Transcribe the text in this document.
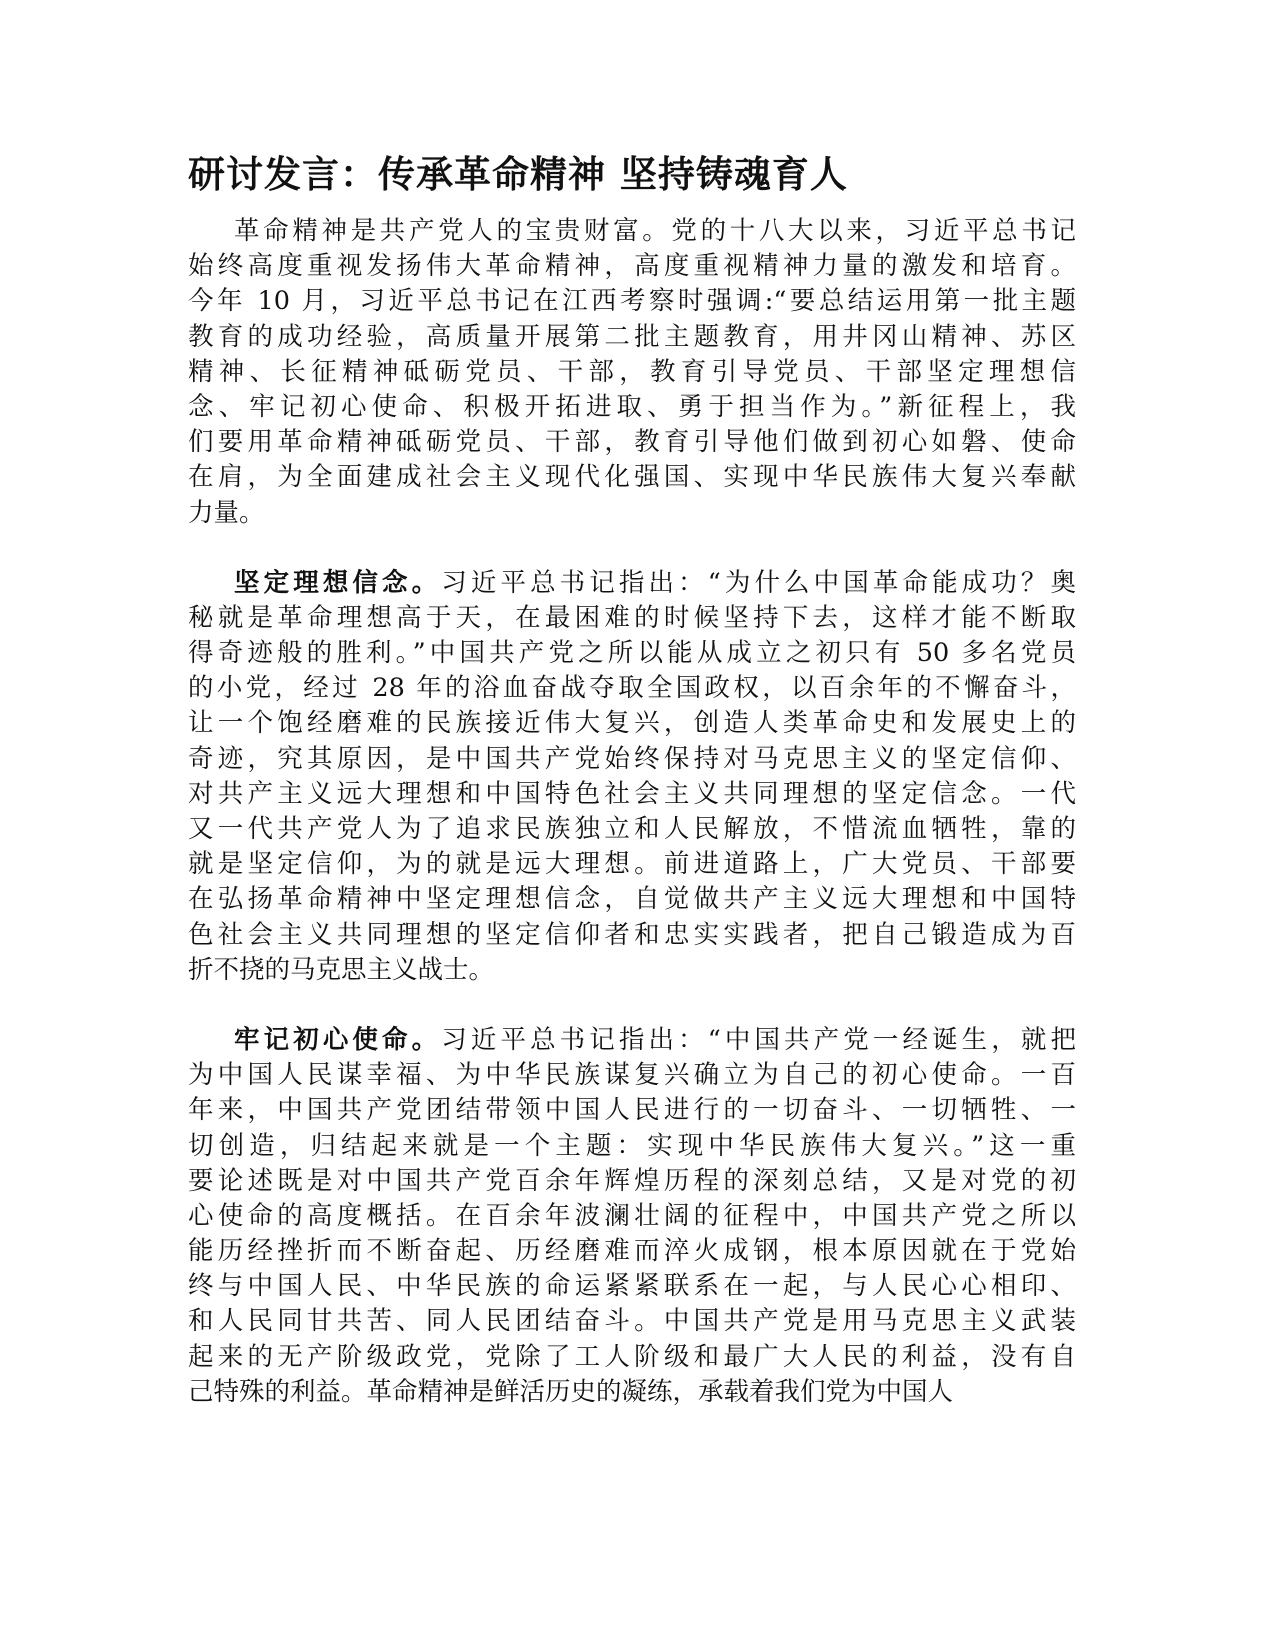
研讨发言：传承革命精神 坚持铸魂育人

革命精神是共产党人的宝贵财富。党的十八大以来，习近平总书记
始终高度重视发扬伟大革命精神，高度重视精神力量的激发和培育。
今年 10 月，习近平总书记在江西考察时强调:“要总结运用第一批主题
教育的成功经验，高质量开展第二批主题教育，用井冈山精神、苏区
精神、长征精神砥砺党员、干部，教育引导党员、干部坚定理想信
念、牢记初心使命、积极开拓进取、勇于担当作为。”新征程上，我
们要用革命精神砥砺党员、干部，教育引导他们做到初心如磐、使命
在肩，为全面建成社会主义现代化强国、实现中华民族伟大复兴奉献
力量。

坚定理想信念。习近平总书记指出：“为什么中国革命能成功？奥
秘就是革命理想高于天，在最困难的时候坚持下去，这样才能不断取
得奇迹般的胜利。”中国共产党之所以能从成立之初只有 50 多名党员
的小党，经过 28 年的浴血奋战夺取全国政权，以百余年的不懈奋斗，
让一个饱经磨难的民族接近伟大复兴，创造人类革命史和发展史上的
奇迹，究其原因，是中国共产党始终保持对马克思主义的坚定信仰、
对共产主义远大理想和中国特色社会主义共同理想的坚定信念。一代
又一代共产党人为了追求民族独立和人民解放，不惜流血牺牲，靠的
就是坚定信仰，为的就是远大理想。前进道路上，广大党员、干部要
在弘扬革命精神中坚定理想信念，自觉做共产主义远大理想和中国特
色社会主义共同理想的坚定信仰者和忠实实践者，把自己锻造成为百
折不挠的马克思主义战士。

牢记初心使命。习近平总书记指出：“中国共产党一经诞生，就把
为中国人民谋幸福、为中华民族谋复兴确立为自己的初心使命。一百
年来，中国共产党团结带领中国人民进行的一切奋斗、一切牺牲、一
切创造，归结起来就是一个主题：实现中华民族伟大复兴。”这一重
要论述既是对中国共产党百余年辉煌历程的深刻总结，又是对党的初
心使命的高度概括。在百余年波澜壮阔的征程中，中国共产党之所以
能历经挫折而不断奋起、历经磨难而淬火成钢，根本原因就在于党始
终与中国人民、中华民族的命运紧紧联系在一起，与人民心心相印、
和人民同甘共苦、同人民团结奋斗。中国共产党是用马克思主义武装
起来的无产阶级政党，党除了工人阶级和最广大人民的利益，没有自
己特殊的利益。革命精神是鲜活历史的凝练，承载着我们党为中国人
